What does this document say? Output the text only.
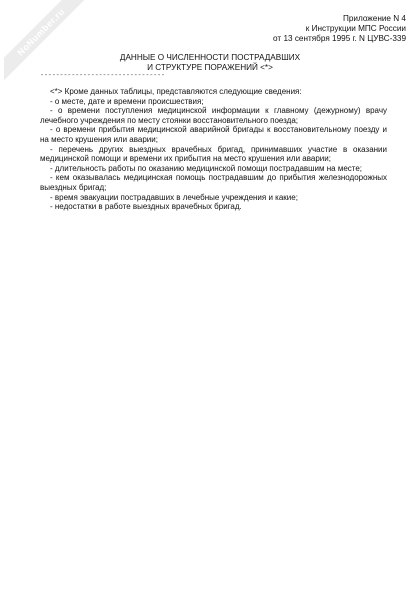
NoNumber.ru	Приложение N 4
к Инструкции МПС России
от 13 сентября 1995 г. N ЦУВС-339
ДАННЫЕ О ЧИСЛЕННОСТИ ПОСТРАДАВШИХ
И СТРУКТУРЕ ПОРАЖЕНИЙ <*>
--------------------------------

<*> Кроме данных таблицы, представляются следующие сведения:

- о месте, дате и времени происшествия;

- о времени поступления медицинской информации к главному (дежурному) врачу лечебного учреждения по месту стоянки восстановительного поезда;

- о времени прибытия медицинской аварийной бригады к восстановительному поезду и на место крушения или аварии;

- перечень других выездных врачебных бригад, принимавших участие в оказании медицинской помощи и времени их прибытия на место крушения или аварии;

- длительность работы по оказанию медицинской помощи пострадавшим на месте;

- кем оказывалась медицинская помощь пострадавшим до прибытия железнодорожных выездных бригад;

- время эвакуации пострадавших в лечебные учреждения и какие;

- недостатки в работе выездных врачебных бригад.
